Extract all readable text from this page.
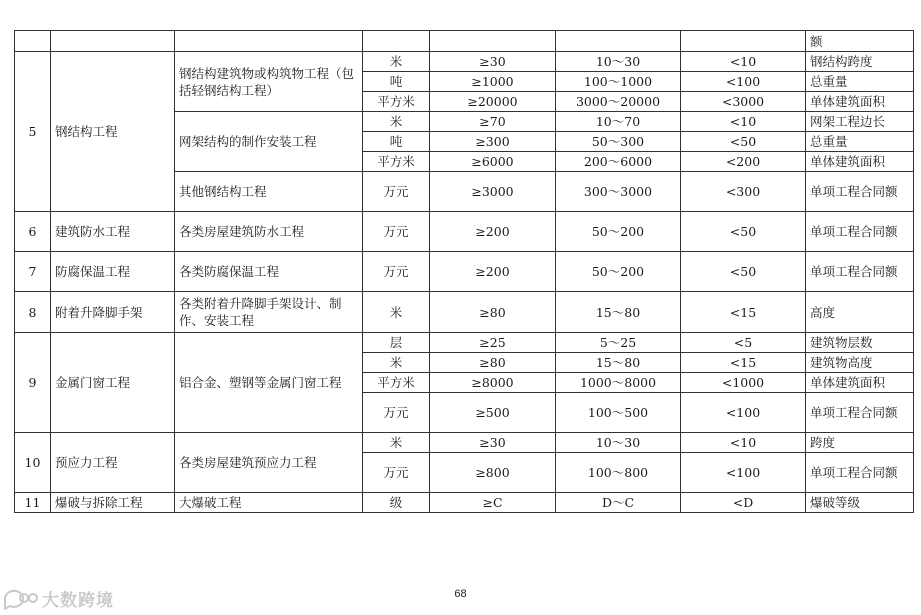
							额
5	钢结构工程	钢结构建筑物或构筑物工程（包括轻钢结构工程）	米	≥30	10～30	<10	钢结构跨度
			吨	≥1000	100～1000	<100	总重量
			平方米	≥20000	3000～20000	<3000	单体建筑面积
		网架结构的制作安装工程	米	≥70	10～70	<10	网架工程边长
			吨	≥300	50～300	<50	总重量
			平方米	≥6000	200～6000	<200	单体建筑面积
		其他钢结构工程	万元	≥3000	300～3000	<300	单项工程合同额
6	建筑防水工程	各类房屋建筑防水工程	万元	≥200	50～200	<50	单项工程合同额
7	防腐保温工程	各类防腐保温工程	万元	≥200	50～200	<50	单项工程合同额
8	附着升降脚手架	各类附着升降脚手架设计、制作、安装工程	米	≥80	15～80	<15	高度
9	金属门窗工程	铝合金、塑钢等金属门窗工程	层	≥25	5～25	<5	建筑物层数
			米	≥80	15～80	<15	建筑物高度
			平方米	≥8000	1000～8000	<1000	单体建筑面积
			万元	≥500	100～500	<100	单项工程合同额
10	预应力工程	各类房屋建筑预应力工程	米	≥30	10～30	<10	跨度
			万元	≥800	100～800	<100	单项工程合同额
11	爆破与拆除工程	大爆破工程	级	≥C	D～C	<D	爆破等级
68
大数跨境
